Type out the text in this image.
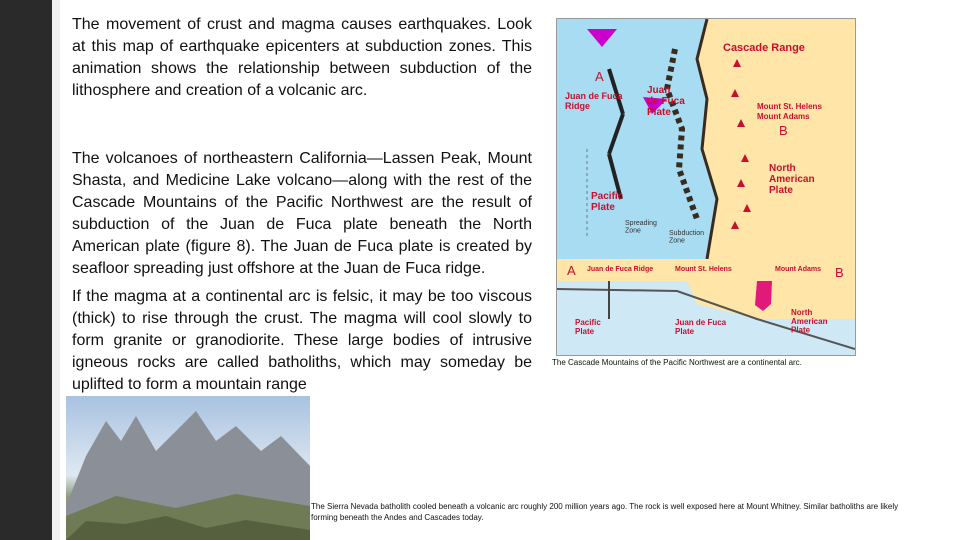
The movement of crust and magma causes earthquakes. Look at this map of earthquake epicenters at subduction zones. This animation shows the relationship between subduction of the lithosphere and creation of a volcanic arc.

The volcanoes of northeastern California—Lassen Peak, Mount Shasta, and Medicine Lake volcano—along with the rest of the Cascade Mountains of the Pacific Northwest are the result of subduction of the Juan de Fuca plate beneath the North American plate (figure 8). The Juan de Fuca plate is created by seafloor spreading just offshore at the Juan de Fuca ridge.

If the magma at a continental arc is felsic, it may be too viscous (thick) to rise through the crust. The magma will cool slowly to form granite or granodiorite. These large bodies of intrusive igneous rocks are called batholiths, which may someday be uplifted to form a mountain range

Cascade Range
A
Juan de Fuca Ridge
Juan de Fuca Plate
Mount St. Helens
Mount Adams
B
North American Plate
Pacific Plate
Spreading Zone	Subduction Zone
A Juan de Fuca Ridge	Mount St. Helens	Mount Adams B
Pacific Plate
Juan de Fuca Plate
North American Plate

The Cascade Mountains of the Pacific Northwest are a continental arc.

The Sierra Nevada batholith cooled beneath a volcanic arc roughly 200 million years ago. The rock is well exposed here at Mount Whitney. Similar batholiths are likely forming beneath the Andes and Cascades today.
